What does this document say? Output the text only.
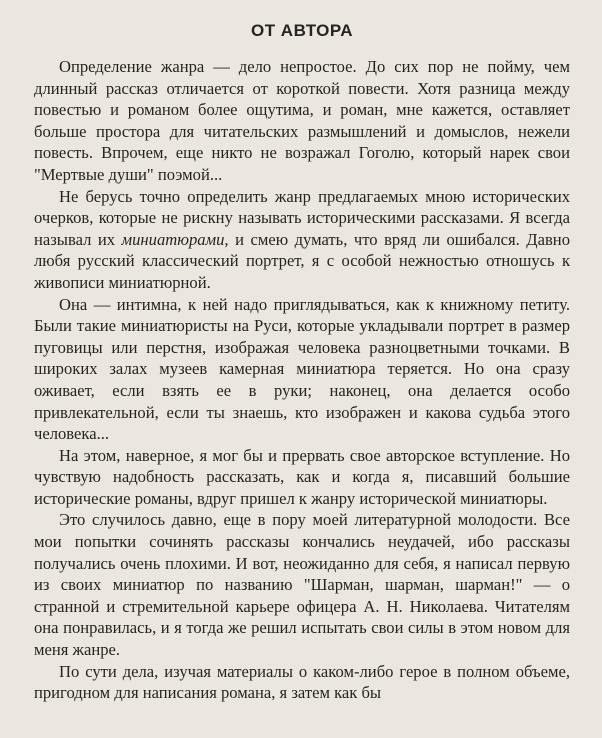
ОТ АВТОРА

Определение жанра — дело непростое. До сих пор не пойму, чем длинный рассказ отличается от короткой повести. Хотя разница между повестью и романом более ощутима, и роман, мне кажется, оставляет больше простора для читательских размышлений и домыслов, нежели повесть. Впрочем, еще никто не возражал Гоголю, который нарек свои "Мертвые души" поэмой...

Не берусь точно определить жанр предлагаемых мною исторических очерков, которые не рискну называть историческими рассказами. Я всегда называл их миниатюрами, и смею думать, что вряд ли ошибался. Давно любя русский классический портрет, я с особой нежностью отношусь к живописи миниатюрной.

Она — интимна, к ней надо приглядываться, как к книжному петиту. Были такие миниатюристы на Руси, которые укладывали портрет в размер пуговицы или перстня, изображая человека разноцветными точками. В широких залах музеев камерная миниатюра теряется. Но она сразу оживает, если взять ее в руки; наконец, она делается особо привлекательной, если ты знаешь, кто изображен и какова судьба этого человека...

На этом, наверное, я мог бы и прервать свое авторское вступление. Но чувствую надобность рассказать, как и когда я, писавший большие исторические романы, вдруг пришел к жанру исторической миниатюры.

Это случилось давно, еще в пору моей литературной молодости. Все мои попытки сочинять рассказы кончались неудачей, ибо рассказы получались очень плохими. И вот, неожиданно для себя, я написал первую из своих миниатюр по названию "Шарман, шарман, шарман!" — о странной и стремительной карьере офицера А. Н. Николаева. Читателям она понравилась, и я тогда же решил испытать свои силы в этом новом для меня жанре.

По сути дела, изучая материалы о каком-либо герое в полном объеме, пригодном для написания романа, я затем как бы
